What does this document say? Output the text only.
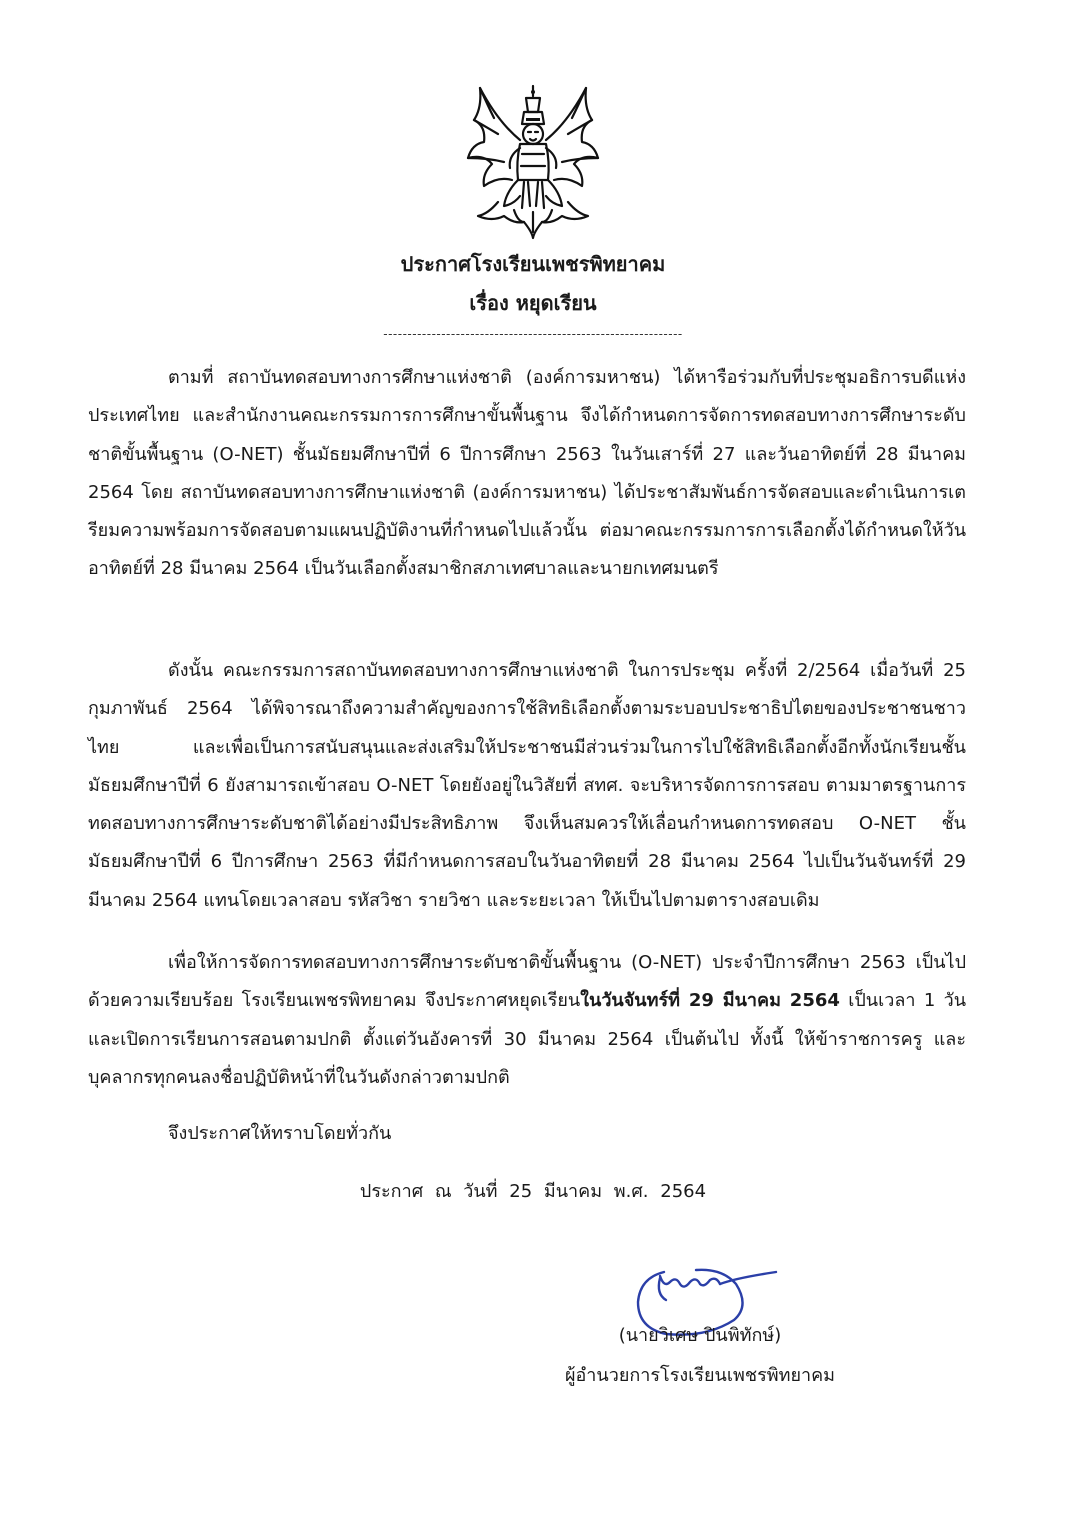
ประกาศโรงเรียนเพชรพิทยาคม
เรื่อง หยุดเรียน
--------------------------------------------------------------

ตามที่ สถาบันทดสอบทางการศึกษาแห่งชาติ (องค์การมหาชน) ได้หารือร่วมกับที่ประชุมอธิการบดีแห่งประเทศไทย และสำนักงานคณะกรรมการการศึกษาขั้นพื้นฐาน จึงได้กำหนดการจัดการทดสอบทางการศึกษาระดับชาติขั้นพื้นฐาน (O-NET) ชั้นมัธยมศึกษาปีที่ 6 ปีการศึกษา 2563 ในวันเสาร์ที่ 27 และวันอาทิตย์ที่ 28 มีนาคม 2564 โดย สถาบันทดสอบทางการศึกษาแห่งชาติ (องค์การมหาชน) ได้ประชาสัมพันธ์การจัดสอบและดำเนินการเตรียมความพร้อมการจัดสอบตามแผนปฏิบัติงานที่กำหนดไปแล้วนั้น ต่อมาคณะกรรมการการเลือกตั้งได้กำหนดให้วันอาทิตย์ที่ 28 มีนาคม 2564 เป็นวันเลือกตั้งสมาชิกสภาเทศบาลและนายกเทศมนตรี

ดังนั้น คณะกรรมการสถาบันทดสอบทางการศึกษาแห่งชาติ ในการประชุม ครั้งที่ 2/2564 เมื่อวันที่ 25 กุมภาพันธ์ 2564 ได้พิจารณาถึงความสำคัญของการใช้สิทธิเลือกตั้งตามระบอบประชาธิปไตยของประชาชนชาวไทย และเพื่อเป็นการสนับสนุนและส่งเสริมให้ประชาชนมีส่วนร่วมในการไปใช้สิทธิเลือกตั้งอีกทั้งนักเรียนชั้นมัธยมศึกษาปีที่ 6 ยังสามารถเข้าสอบ O-NET โดยยังอยู่ในวิสัยที่ สทศ. จะบริหารจัดการการสอบ ตามมาตรฐานการทดสอบทางการศึกษาระดับชาติได้อย่างมีประสิทธิภาพ จึงเห็นสมควรให้เลื่อนกำหนดการทดสอบ O-NET ชั้นมัธยมศึกษาปีที่ 6 ปีการศึกษา 2563 ที่มีกำหนดการสอบในวันอาทิตยที่ 28 มีนาคม 2564 ไปเป็นวันจันทร์ที่ 29 มีนาคม 2564 แทนโดยเวลาสอบ รหัสวิชา รายวิชา และระยะเวลา ให้เป็นไปตามตารางสอบเดิม

เพื่อให้การจัดการทดสอบทางการศึกษาระดับชาติขั้นพื้นฐาน (O-NET) ประจำปีการศึกษา 2563 เป็นไปด้วยความเรียบร้อย โรงเรียนเพชรพิทยาคม จึงประกาศหยุดเรียนในวันจันทร์ที่ 29 มีนาคม 2564 เป็นเวลา 1 วัน และเปิดการเรียนการสอนตามปกติ ตั้งแต่วันอังคารที่ 30 มีนาคม 2564 เป็นต้นไป ทั้งนี้ ให้ข้าราชการครู และบุคลากรทุกคนลงชื่อปฏิบัติหน้าที่ในวันดังกล่าวตามปกติ

จึงประกาศให้ทราบโดยทั่วกัน
ประกาศ ณ วันที่ 25 มีนาคม พ.ศ. 2564
(นายวิเศษ ปินพิทักษ์)
ผู้อำนวยการโรงเรียนเพชรพิทยาคม
